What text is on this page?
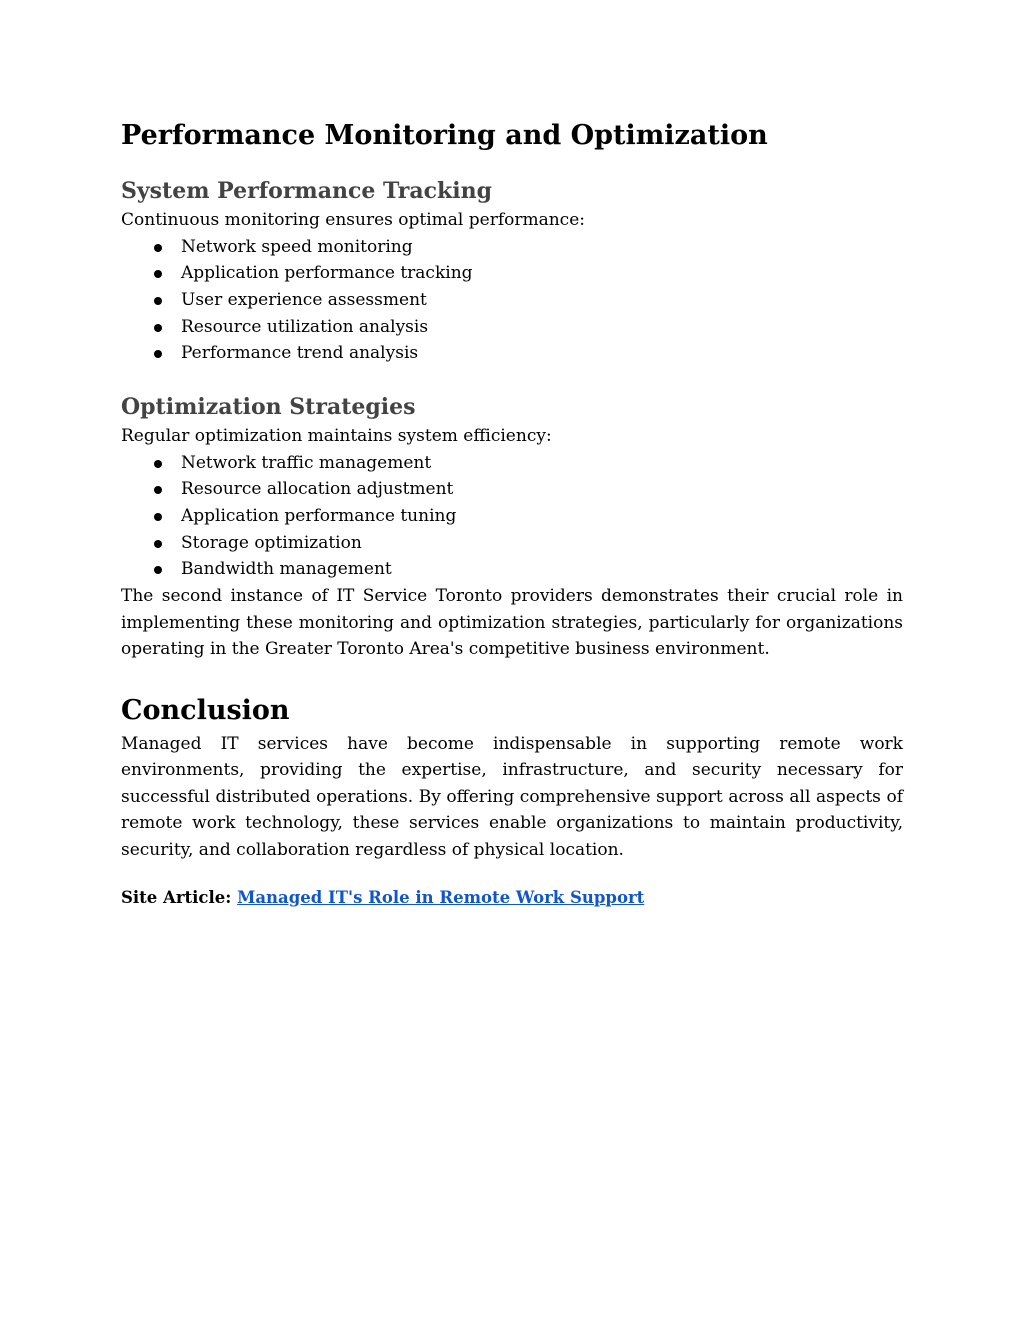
Performance Monitoring and Optimization
System Performance Tracking

Continuous monitoring ensures optimal performance:

Network speed monitoring
Application performance tracking
User experience assessment
Resource utilization analysis
Performance trend analysis
Optimization Strategies

Regular optimization maintains system efficiency:

Network traffic management
Resource allocation adjustment
Application performance tuning
Storage optimization
Bandwidth management

The second instance of IT Service Toronto providers demonstrates their crucial role in implementing these monitoring and optimization strategies, particularly for organizations operating in the Greater Toronto Area's competitive business environment.

Conclusion

Managed IT services have become indispensable in supporting remote work environments, providing the expertise, infrastructure, and security necessary for successful distributed operations. By offering comprehensive support across all aspects of remote work technology, these services enable organizations to maintain productivity, security, and collaboration regardless of physical location.

Site Article: Managed IT's Role in Remote Work Support
